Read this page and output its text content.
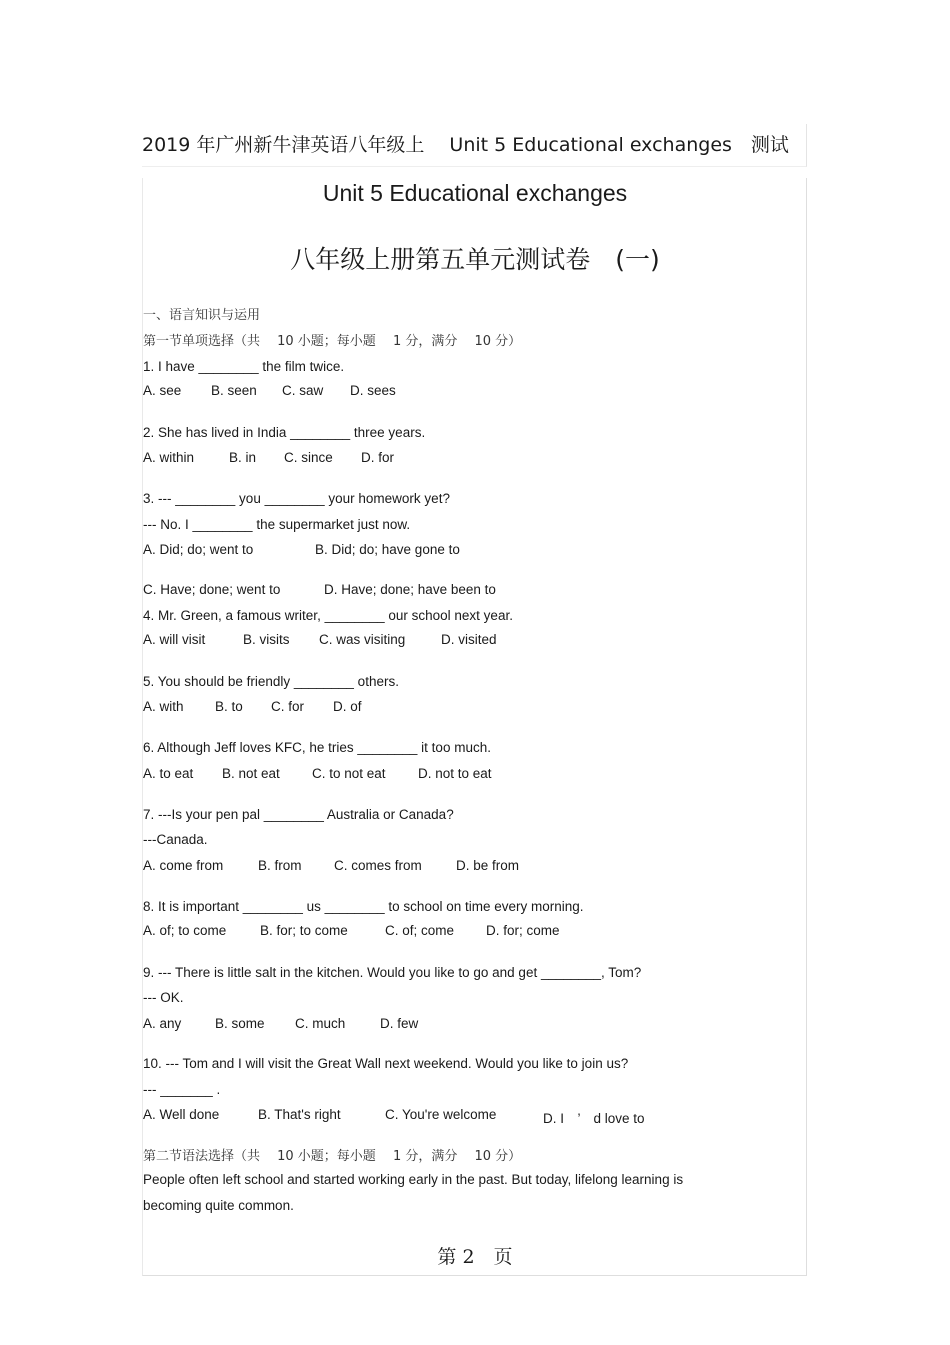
2019 年广州新牛津英语八年级上　 Unit 5 Educational exchanges　测试
Unit 5 Educational exchanges
八年级上册第五单元测试卷　(一)
一、语言知识与运用
第一节单项选择（共　 10 小题；每小题　 1 分，满分　 10 分）
1. I have ________ the film twice.
A. see B. seen C. saw D. sees
2. She has lived in India ________ three years.
A. within	B. in C. since D. for
3. --- ________ you ________ your homework yet?
--- No. I ________ the supermarket just now.
A. Did; do; went to	B. Did; do; have gone to
C. Have; done; went to	D. Have; done; have been to
4. Mr. Green, a famous writer, ________ our school next year.
A. will visit	B. visits C. was visiting	D. visited
5. You should be friendly ________ others.
A. with B. to C. for D. of
6. Although Jeff loves KFC, he tries ________ it too much.
A. to eat B. not eat C. to not eat D. not to eat
7. ---Is your pen pal ________ Australia or Canada?
---Canada.
A. come from	B. from C. comes from	D. be from
8. It is important ________ us ________ to school on time every morning.
A. of; to come B. for; to come	C. of; come D. for; come
9. --- There is little salt in the kitchen. Would you like to go and get ________, Tom?
--- OK.
A. any B. some C. much	D. few
10. --- Tom and I will visit the Great Wall next weekend. Would you like to join us?
--- _______ .
A. Well done	B. That's right	C. You're welcome	D. I　’　d love to
第二节语法选择（共　 10 小题；每小题　 1 分，满分　 10 分）
People often left school and started working early in the past. But today, lifelong learning is
becoming quite common.
第 2　页
